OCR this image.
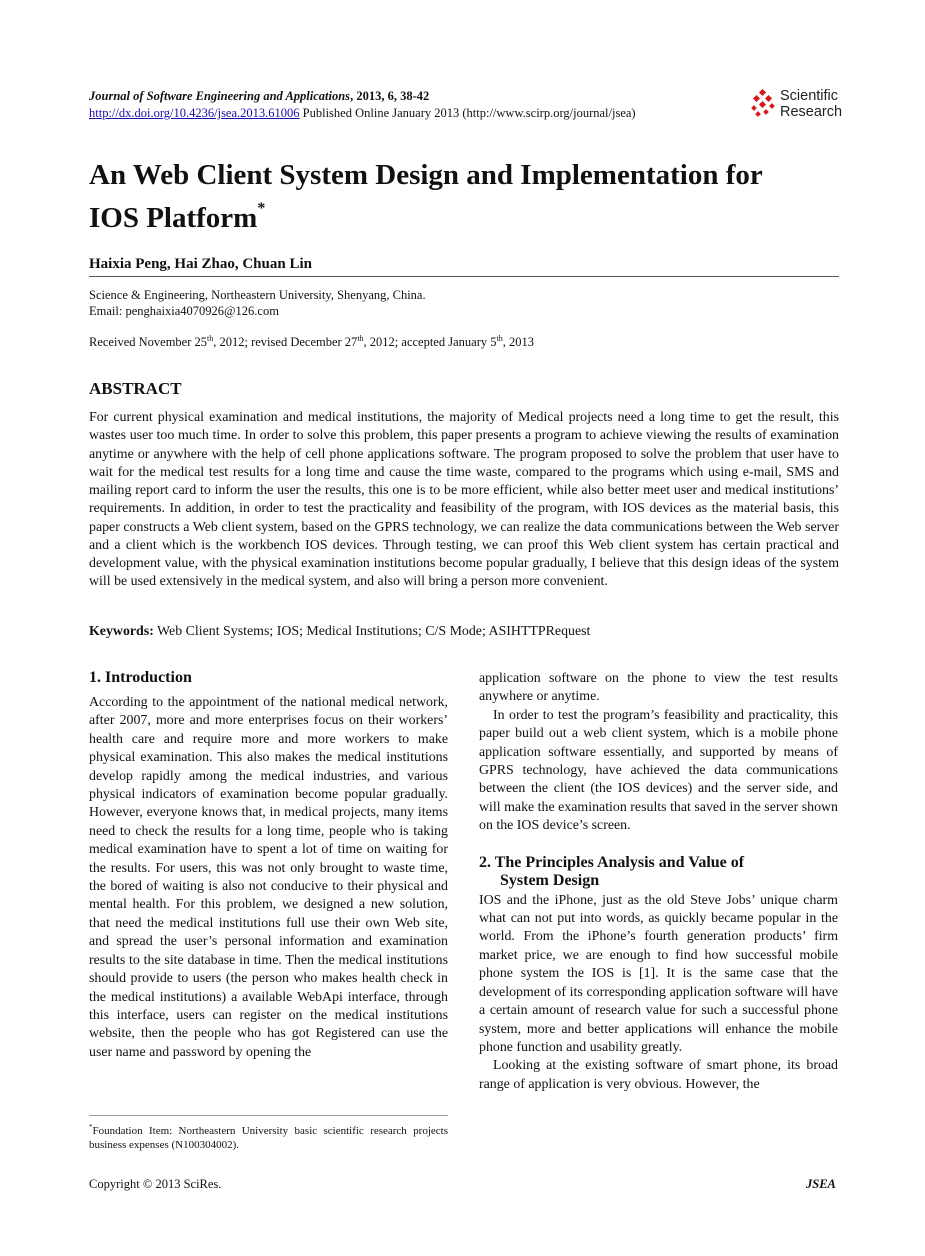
Journal of Software Engineering and Applications, 2013, 6, 38-42
http://dx.doi.org/10.4236/jsea.2013.61006 Published Online January 2013 (http://www.scirp.org/journal/jsea)
Scientific
Research
An Web Client System Design and Implementation for
IOS Platform*
Haixia Peng, Hai Zhao, Chuan Lin
Science & Engineering, Northeastern University, Shenyang, China.
Email: penghaixia4070926@126.com
Received November 25th, 2012; revised December 27th, 2012; accepted January 5th, 2013
ABSTRACT
For current physical examination and medical institutions, the majority of Medical projects need a long time to get the result, this wastes user too much time. In order to solve this problem, this paper presents a program to achieve viewing the results of examination anytime or anywhere with the help of cell phone applications software. The program proposed to solve the problem that user have to wait for the medical test results for a long time and cause the time waste, compared to the programs which using e-mail, SMS and mailing report card to inform the user the results, this one is to be more efficient, while also better meet user and medical institutions’ requirements. In addition, in order to test the practicality and feasibility of the program, with IOS devices as the material basis, this paper constructs a Web client system, based on the GPRS technology, we can realize the data communications between the Web server and a client which is the workbench IOS devices. Through testing, we can proof this Web client system has certain practical and development value, with the physical examination institutions become popular gradually, I believe that this design ideas of the system will be used extensively in the medical system, and also will bring a person more convenient.
Keywords: Web Client Systems; IOS; Medical Institutions; C/S Mode; ASIHTTPRequest
1. Introduction

According to the appointment of the national medical network, after 2007, more and more enterprises focus on their workers’ health care and require more and more workers to make physical examination. This also makes the medical institutions develop rapidly among the medical industries, and various physical indicators of examination become popular gradually. However, everyone knows that, in medical projects, many items need to check the results for a long time, people who is taking medical examination have to spent a lot of time on waiting for the results. For users, this was not only brought to waste time, the bored of waiting is also not conducive to their physical and mental health. For this problem, we designed a new solution, that need the medical institutions full use their own Web site, and spread the user’s personal information and examination results to the site database in time. Then the medical institutions should provide to users (the person who makes health check in the medical institutions) a available WebApi interface, through this interface, users can register on the medical institutions website, then the people who has got Registered can use the user name and password by opening the

application software on the phone to view the test results anywhere or anytime.

In order to test the program’s feasibility and practicality, this paper build out a web client system, which is a mobile phone application software essentially, and supported by means of GPRS technology, have achieved the data communications between the client (the IOS devices) and the server side, and will make the examination results that saved in the server shown on the IOS device’s screen.

2. The Principles Analysis and Value of
System Design

IOS and the iPhone, just as the old Steve Jobs’ unique charm what can not put into words, as quickly became popular in the world. From the iPhone’s fourth generation products’ firm market price, we are enough to find how successful mobile phone system the IOS is [1]. It is the same case that the development of its corresponding application software will have a certain amount of research value for such a successful phone system, more and better applications will enhance the mobile phone function and usability greatly.

Looking at the existing software of smart phone, its broad range of application is very obvious. However, the

*Foundation Item: Northeastern University basic scientific research projects business expenses (N100304002).
Copyright © 2013 SciRes.	JSEA
